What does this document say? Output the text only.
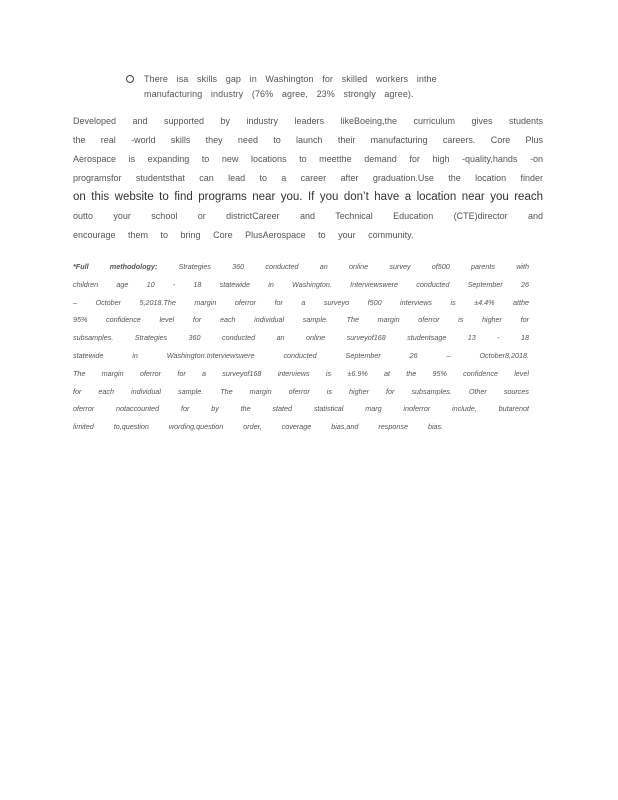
There isa skills gap in Washington for skilled workers inthe
manufacturing industry (76% agree, 23% strongly agree).
Developed and supported by industry leaders likeBoeing,the curriculum gives students
the real -world skills they need to launch their manufacturing careers. Core Plus
Aerospace is expanding to new locations to meetthe demand for high -quality,hands -on
programsfor studentsthat can lead to a career after graduation.Use the location finder
on this website to find programs near you. If you don’t have a location near you reach
outto your school or districtCareer and Technical Education (CTE)director and
encourage them to bring Core PlusAerospace to your community.
*Full methodology:	Strategies 360 conducted an online survey of500 parents with
children age 10 - 18 statewide in Washington. Interviewswere conducted September 26
– October 5,2018.The margin oferror for a surveyo f500 interviews is ±4.4% atthe
95% confidence level for each individual sample. The margin oferror is higher for
subsamples. Strategies 360 conducted an online surveyof168 studentsage 13 - 18
statewide in Washington.Interviewswere conducted September 26 – October8,2018.
The margin oferror for a surveyof168 interviews is ±6.9% at the 95% confidence level
for each individual sample. The margin oferror is higher for subsamples. Other sources
oferror notaccounted for by the stated statistical marg inoferror include, butarenot
limited to,question wording,question order, coverage bias,and response bias.
